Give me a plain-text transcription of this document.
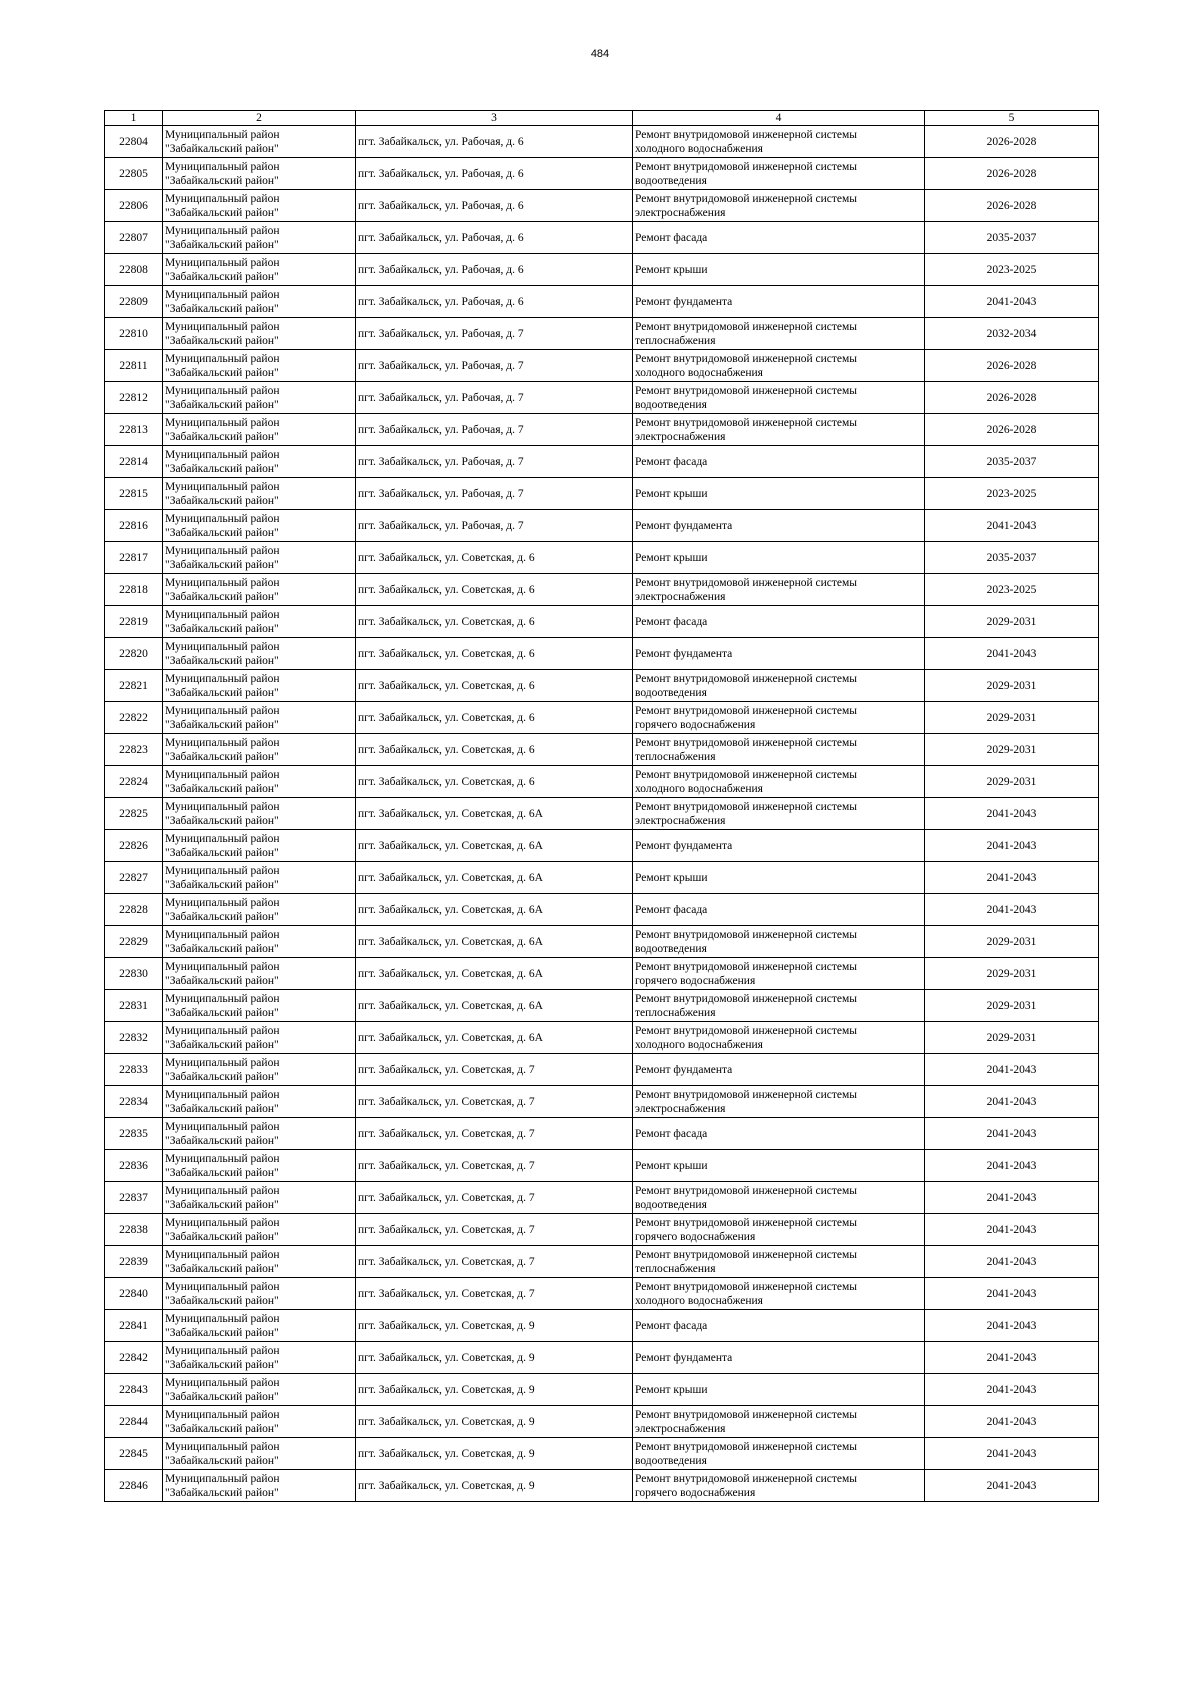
484
1	2	3	4	5
22804	Муниципальный район
"Забайкальский район"	пгт. Забайкальск, ул. Рабочая, д. 6	Ремонт внутридомовой инженерной системы
холодного водоснабжения	2026-2028
22805	Муниципальный район
"Забайкальский район"	пгт. Забайкальск, ул. Рабочая, д. 6	Ремонт внутридомовой инженерной системы
водоотведения	2026-2028
22806	Муниципальный район
"Забайкальский район"	пгт. Забайкальск, ул. Рабочая, д. 6	Ремонт внутридомовой инженерной системы
электроснабжения	2026-2028
22807	Муниципальный район
"Забайкальский район"	пгт. Забайкальск, ул. Рабочая, д. 6	Ремонт фасада	2035-2037
22808	Муниципальный район
"Забайкальский район"	пгт. Забайкальск, ул. Рабочая, д. 6	Ремонт крыши	2023-2025
22809	Муниципальный район
"Забайкальский район"	пгт. Забайкальск, ул. Рабочая, д. 6	Ремонт фундамента	2041-2043
22810	Муниципальный район
"Забайкальский район"	пгт. Забайкальск, ул. Рабочая, д. 7	Ремонт внутридомовой инженерной системы
теплоснабжения	2032-2034
22811	Муниципальный район
"Забайкальский район"	пгт. Забайкальск, ул. Рабочая, д. 7	Ремонт внутридомовой инженерной системы
холодного водоснабжения	2026-2028
22812	Муниципальный район
"Забайкальский район"	пгт. Забайкальск, ул. Рабочая, д. 7	Ремонт внутридомовой инженерной системы
водоотведения	2026-2028
22813	Муниципальный район
"Забайкальский район"	пгт. Забайкальск, ул. Рабочая, д. 7	Ремонт внутридомовой инженерной системы
электроснабжения	2026-2028
22814	Муниципальный район
"Забайкальский район"	пгт. Забайкальск, ул. Рабочая, д. 7	Ремонт фасада	2035-2037
22815	Муниципальный район
"Забайкальский район"	пгт. Забайкальск, ул. Рабочая, д. 7	Ремонт крыши	2023-2025
22816	Муниципальный район
"Забайкальский район"	пгт. Забайкальск, ул. Рабочая, д. 7	Ремонт фундамента	2041-2043
22817	Муниципальный район
"Забайкальский район"	пгт. Забайкальск, ул. Советская, д. 6	Ремонт крыши	2035-2037
22818	Муниципальный район
"Забайкальский район"	пгт. Забайкальск, ул. Советская, д. 6	Ремонт внутридомовой инженерной системы
электроснабжения	2023-2025
22819	Муниципальный район
"Забайкальский район"	пгт. Забайкальск, ул. Советская, д. 6	Ремонт фасада	2029-2031
22820	Муниципальный район
"Забайкальский район"	пгт. Забайкальск, ул. Советская, д. 6	Ремонт фундамента	2041-2043
22821	Муниципальный район
"Забайкальский район"	пгт. Забайкальск, ул. Советская, д. 6	Ремонт внутридомовой инженерной системы
водоотведения	2029-2031
22822	Муниципальный район
"Забайкальский район"	пгт. Забайкальск, ул. Советская, д. 6	Ремонт внутридомовой инженерной системы
горячего водоснабжения	2029-2031
22823	Муниципальный район
"Забайкальский район"	пгт. Забайкальск, ул. Советская, д. 6	Ремонт внутридомовой инженерной системы
теплоснабжения	2029-2031
22824	Муниципальный район
"Забайкальский район"	пгт. Забайкальск, ул. Советская, д. 6	Ремонт внутридомовой инженерной системы
холодного водоснабжения	2029-2031
22825	Муниципальный район
"Забайкальский район"	пгт. Забайкальск, ул. Советская, д. 6А	Ремонт внутридомовой инженерной системы
электроснабжения	2041-2043
22826	Муниципальный район
"Забайкальский район"	пгт. Забайкальск, ул. Советская, д. 6А	Ремонт фундамента	2041-2043
22827	Муниципальный район
"Забайкальский район"	пгт. Забайкальск, ул. Советская, д. 6А	Ремонт крыши	2041-2043
22828	Муниципальный район
"Забайкальский район"	пгт. Забайкальск, ул. Советская, д. 6А	Ремонт фасада	2041-2043
22829	Муниципальный район
"Забайкальский район"	пгт. Забайкальск, ул. Советская, д. 6А	Ремонт внутридомовой инженерной системы
водоотведения	2029-2031
22830	Муниципальный район
"Забайкальский район"	пгт. Забайкальск, ул. Советская, д. 6А	Ремонт внутридомовой инженерной системы
горячего водоснабжения	2029-2031
22831	Муниципальный район
"Забайкальский район"	пгт. Забайкальск, ул. Советская, д. 6А	Ремонт внутридомовой инженерной системы
теплоснабжения	2029-2031
22832	Муниципальный район
"Забайкальский район"	пгт. Забайкальск, ул. Советская, д. 6А	Ремонт внутридомовой инженерной системы
холодного водоснабжения	2029-2031
22833	Муниципальный район
"Забайкальский район"	пгт. Забайкальск, ул. Советская, д. 7	Ремонт фундамента	2041-2043
22834	Муниципальный район
"Забайкальский район"	пгт. Забайкальск, ул. Советская, д. 7	Ремонт внутридомовой инженерной системы
электроснабжения	2041-2043
22835	Муниципальный район
"Забайкальский район"	пгт. Забайкальск, ул. Советская, д. 7	Ремонт фасада	2041-2043
22836	Муниципальный район
"Забайкальский район"	пгт. Забайкальск, ул. Советская, д. 7	Ремонт крыши	2041-2043
22837	Муниципальный район
"Забайкальский район"	пгт. Забайкальск, ул. Советская, д. 7	Ремонт внутридомовой инженерной системы
водоотведения	2041-2043
22838	Муниципальный район
"Забайкальский район"	пгт. Забайкальск, ул. Советская, д. 7	Ремонт внутридомовой инженерной системы
горячего водоснабжения	2041-2043
22839	Муниципальный район
"Забайкальский район"	пгт. Забайкальск, ул. Советская, д. 7	Ремонт внутридомовой инженерной системы
теплоснабжения	2041-2043
22840	Муниципальный район
"Забайкальский район"	пгт. Забайкальск, ул. Советская, д. 7	Ремонт внутридомовой инженерной системы
холодного водоснабжения	2041-2043
22841	Муниципальный район
"Забайкальский район"	пгт. Забайкальск, ул. Советская, д. 9	Ремонт фасада	2041-2043
22842	Муниципальный район
"Забайкальский район"	пгт. Забайкальск, ул. Советская, д. 9	Ремонт фундамента	2041-2043
22843	Муниципальный район
"Забайкальский район"	пгт. Забайкальск, ул. Советская, д. 9	Ремонт крыши	2041-2043
22844	Муниципальный район
"Забайкальский район"	пгт. Забайкальск, ул. Советская, д. 9	Ремонт внутридомовой инженерной системы
электроснабжения	2041-2043
22845	Муниципальный район
"Забайкальский район"	пгт. Забайкальск, ул. Советская, д. 9	Ремонт внутридомовой инженерной системы
водоотведения	2041-2043
22846	Муниципальный район
"Забайкальский район"	пгт. Забайкальск, ул. Советская, д. 9	Ремонт внутридомовой инженерной системы
горячего водоснабжения	2041-2043
